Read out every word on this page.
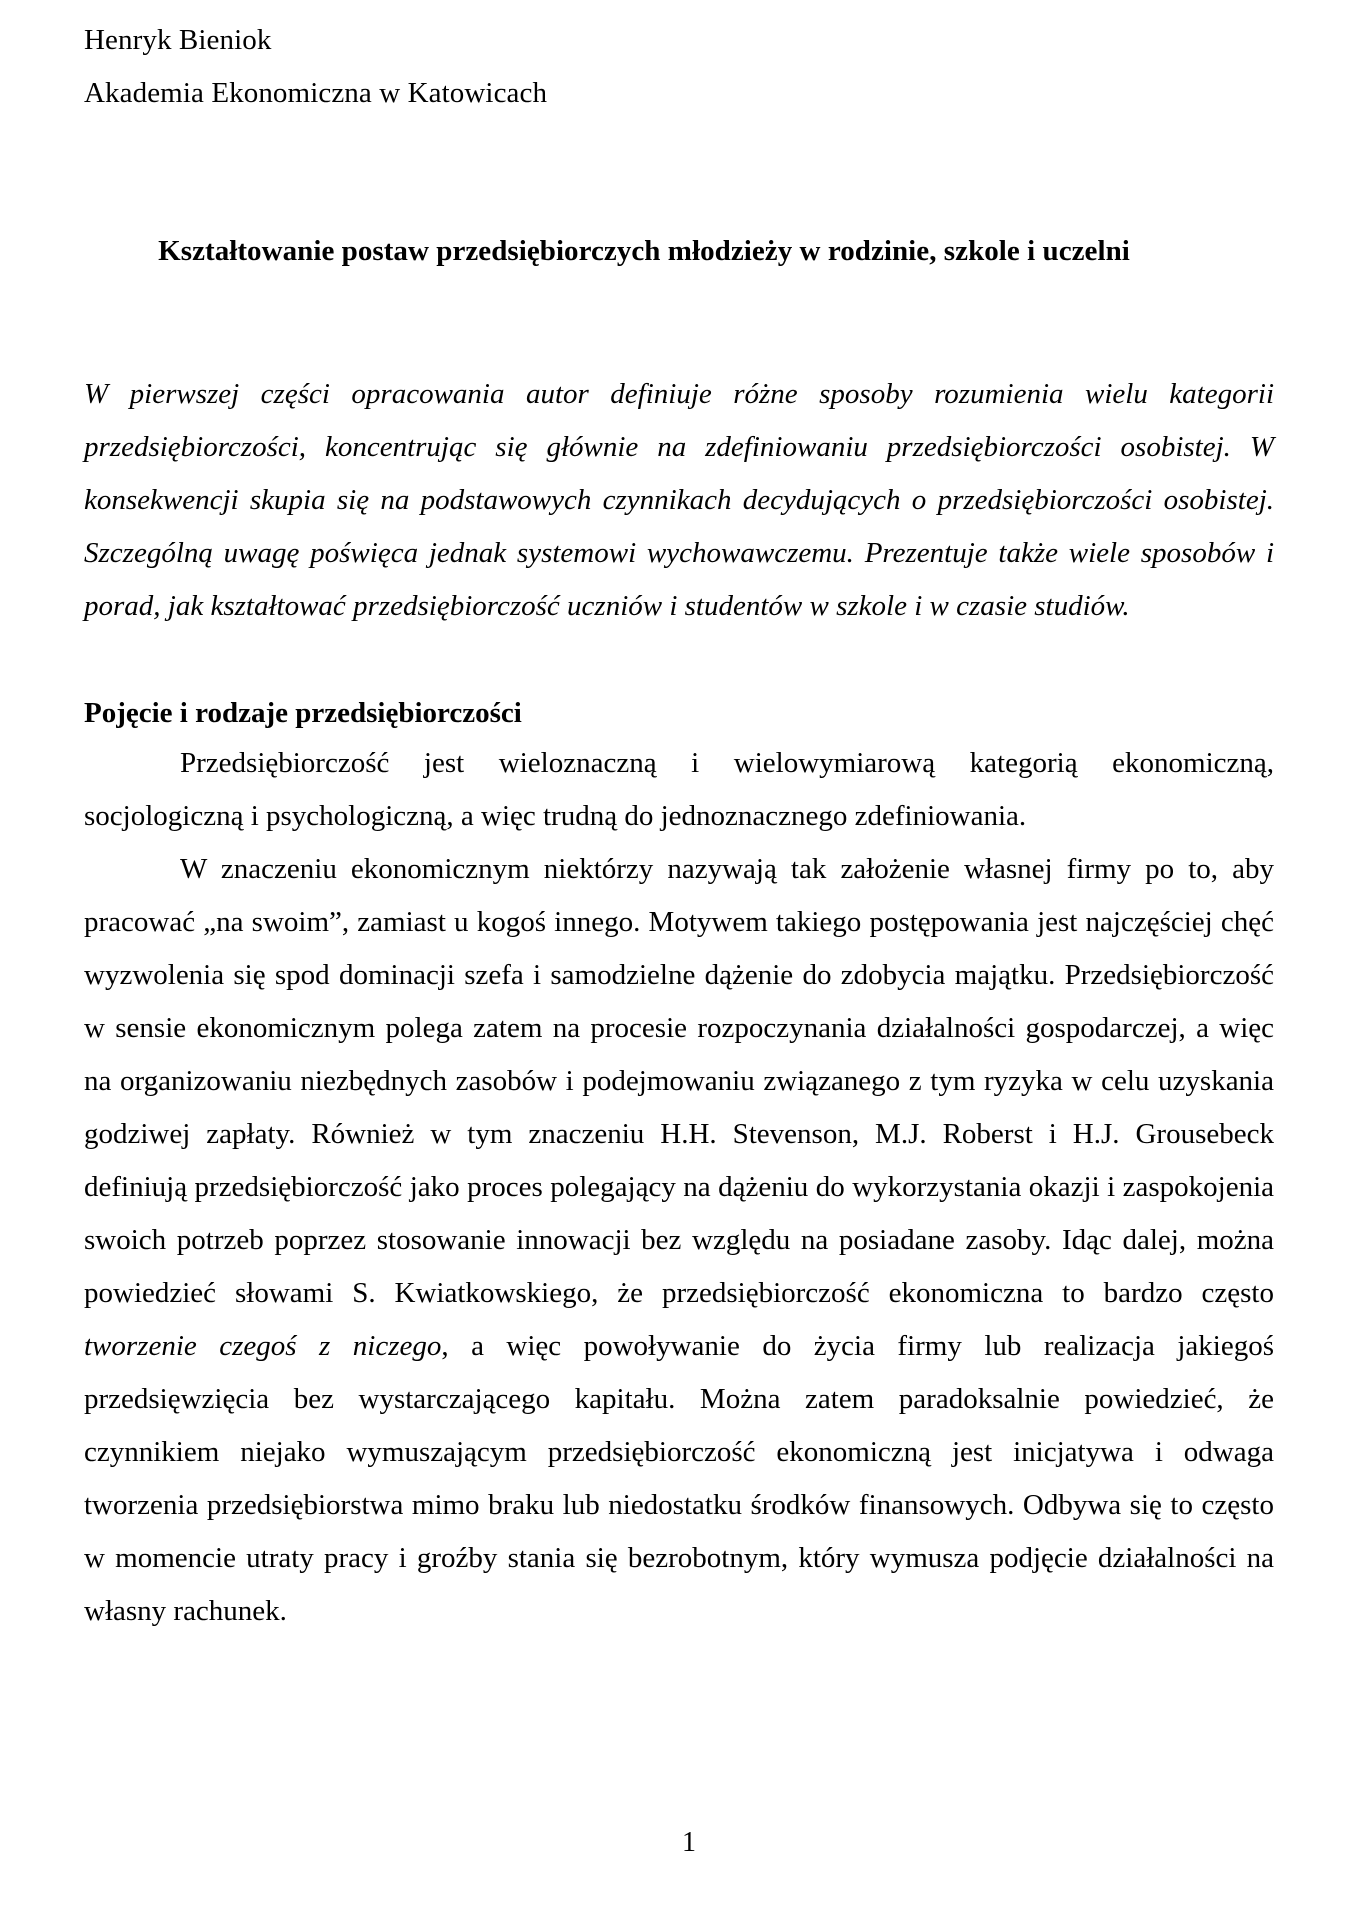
Henryk Bieniok
Akademia Ekonomiczna w Katowicach
Kształtowanie postaw przedsiębiorczych młodzieży w rodzinie, szkole i uczelni

W pierwszej części opracowania autor definiuje różne sposoby rozumienia wielu kategorii przedsiębiorczości, koncentrując się głównie na zdefiniowaniu przedsiębiorczości osobistej. W konsekwencji skupia się na podstawowych czynnikach decydujących o przedsiębiorczości osobistej. Szczególną uwagę poświęca jednak systemowi wychowawczemu. Prezentuje także wiele sposobów i porad, jak kształtować przedsiębiorczość uczniów i studentów w szkole i w czasie studiów.

Pojęcie i rodzaje przedsiębiorczości

Przedsiębiorczość jest wieloznaczną i wielowymiarową kategorią ekonomiczną, socjologiczną i psychologiczną, a więc trudną do jednoznacznego zdefiniowania.

W znaczeniu ekonomicznym niektórzy nazywają tak założenie własnej firmy po to, aby pracować „na swoim”, zamiast u kogoś innego. Motywem takiego postępowania jest najczęściej chęć wyzwolenia się spod dominacji szefa i samodzielne dążenie do zdobycia majątku. Przedsiębiorczość w sensie ekonomicznym polega zatem na procesie rozpoczynania działalności gospodarczej, a więc na organizowaniu niezbędnych zasobów i podejmowaniu związanego z tym ryzyka w celu uzyskania godziwej zapłaty. Również w tym znaczeniu H.H. Stevenson, M.J. Roberst i H.J. Grousebeck definiują przedsiębiorczość jako proces polegający na dążeniu do wykorzystania okazji i zaspokojenia swoich potrzeb poprzez stosowanie innowacji bez względu na posiadane zasoby. Idąc dalej, można powiedzieć słowami S. Kwiatkowskiego, że przedsiębiorczość ekonomiczna to bardzo często tworzenie czegoś z niczego, a więc powoływanie do życia firmy lub realizacja jakiegoś przedsięwzięcia bez wystarczającego kapitału. Można zatem paradoksalnie powiedzieć, że czynnikiem niejako wymuszającym przedsiębiorczość ekonomiczną jest inicjatywa i odwaga tworzenia przedsiębiorstwa mimo braku lub niedostatku środków finansowych. Odbywa się to często w momencie utraty pracy i groźby stania się bezrobotnym, który wymusza podjęcie działalności na własny rachunek.

1
